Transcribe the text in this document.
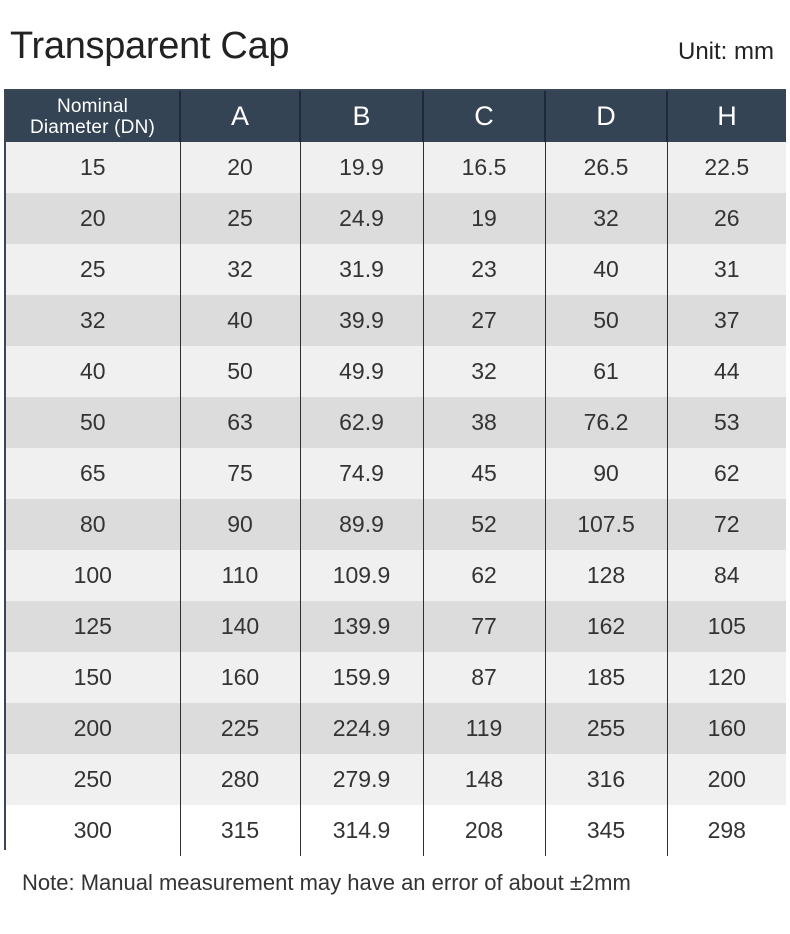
Transparent Cap	Unit: mm
Nominal
Diameter (DN)	A	B	C	D	H
15	20	19.9	16.5	26.5	22.5
20	25	24.9	19	32	26
25	32	31.9	23	40	31
32	40	39.9	27	50	37
40	50	49.9	32	61	44
50	63	62.9	38	76.2	53
65	75	74.9	45	90	62
80	90	89.9	52	107.5	72
100	110	109.9	62	128	84
125	140	139.9	77	162	105
150	160	159.9	87	185	120
200	225	224.9	119	255	160
250	280	279.9	148	316	200
300	315	314.9	208	345	298
Note: Manual measurement may have an error of about ±2mm
